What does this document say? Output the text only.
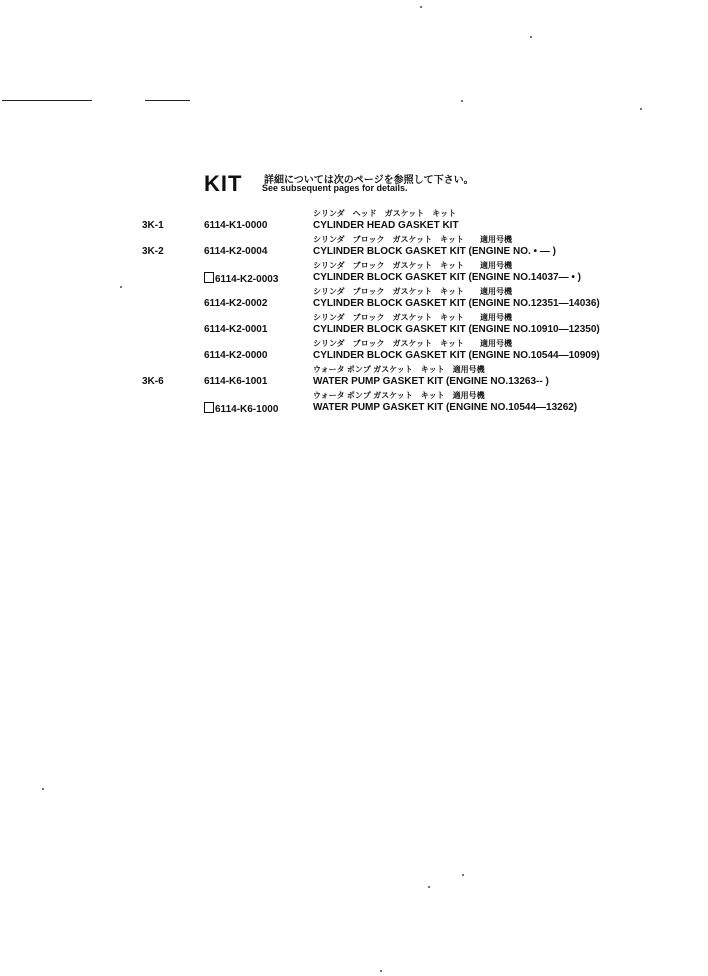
KIT 詳細については次のページを参照して下さい。
See subsequent pages for details.
3K-1	6114-K1-0000
シリンダ　ヘッド　ガスケット　キット
CYLINDER HEAD GASKET KIT
3K-2	6114-K2-0004
シリンダ　ブロック　ガスケット　キット　　適用号機
CYLINDER BLOCK GASKET KIT (ENGINE NO. • — )
6114-K2-0003
シリンダ　ブロック　ガスケット　キット　　適用号機
CYLINDER BLOCK GASKET KIT (ENGINE NO.14037— • )
6114-K2-0002
シリンダ　ブロック　ガスケット　キット　　適用号機
CYLINDER BLOCK GASKET KIT (ENGINE NO.12351—14036)
6114-K2-0001
シリンダ　ブロック　ガスケット　キット　　適用号機
CYLINDER BLOCK GASKET KIT (ENGINE NO.10910—12350)
6114-K2-0000
シリンダ　ブロック　ガスケット　キット　　適用号機
CYLINDER BLOCK GASKET KIT (ENGINE NO.10544—10909)
3K-6	6114-K6-1001
ウォータ ポンプ ガスケット　キット　適用号機
WATER PUMP GASKET KIT (ENGINE NO.13263-- )
6114-K6-1000
ウォータ ポンプ ガスケット　キット　適用号機
WATER PUMP GASKET KIT (ENGINE NO.10544—13262)
